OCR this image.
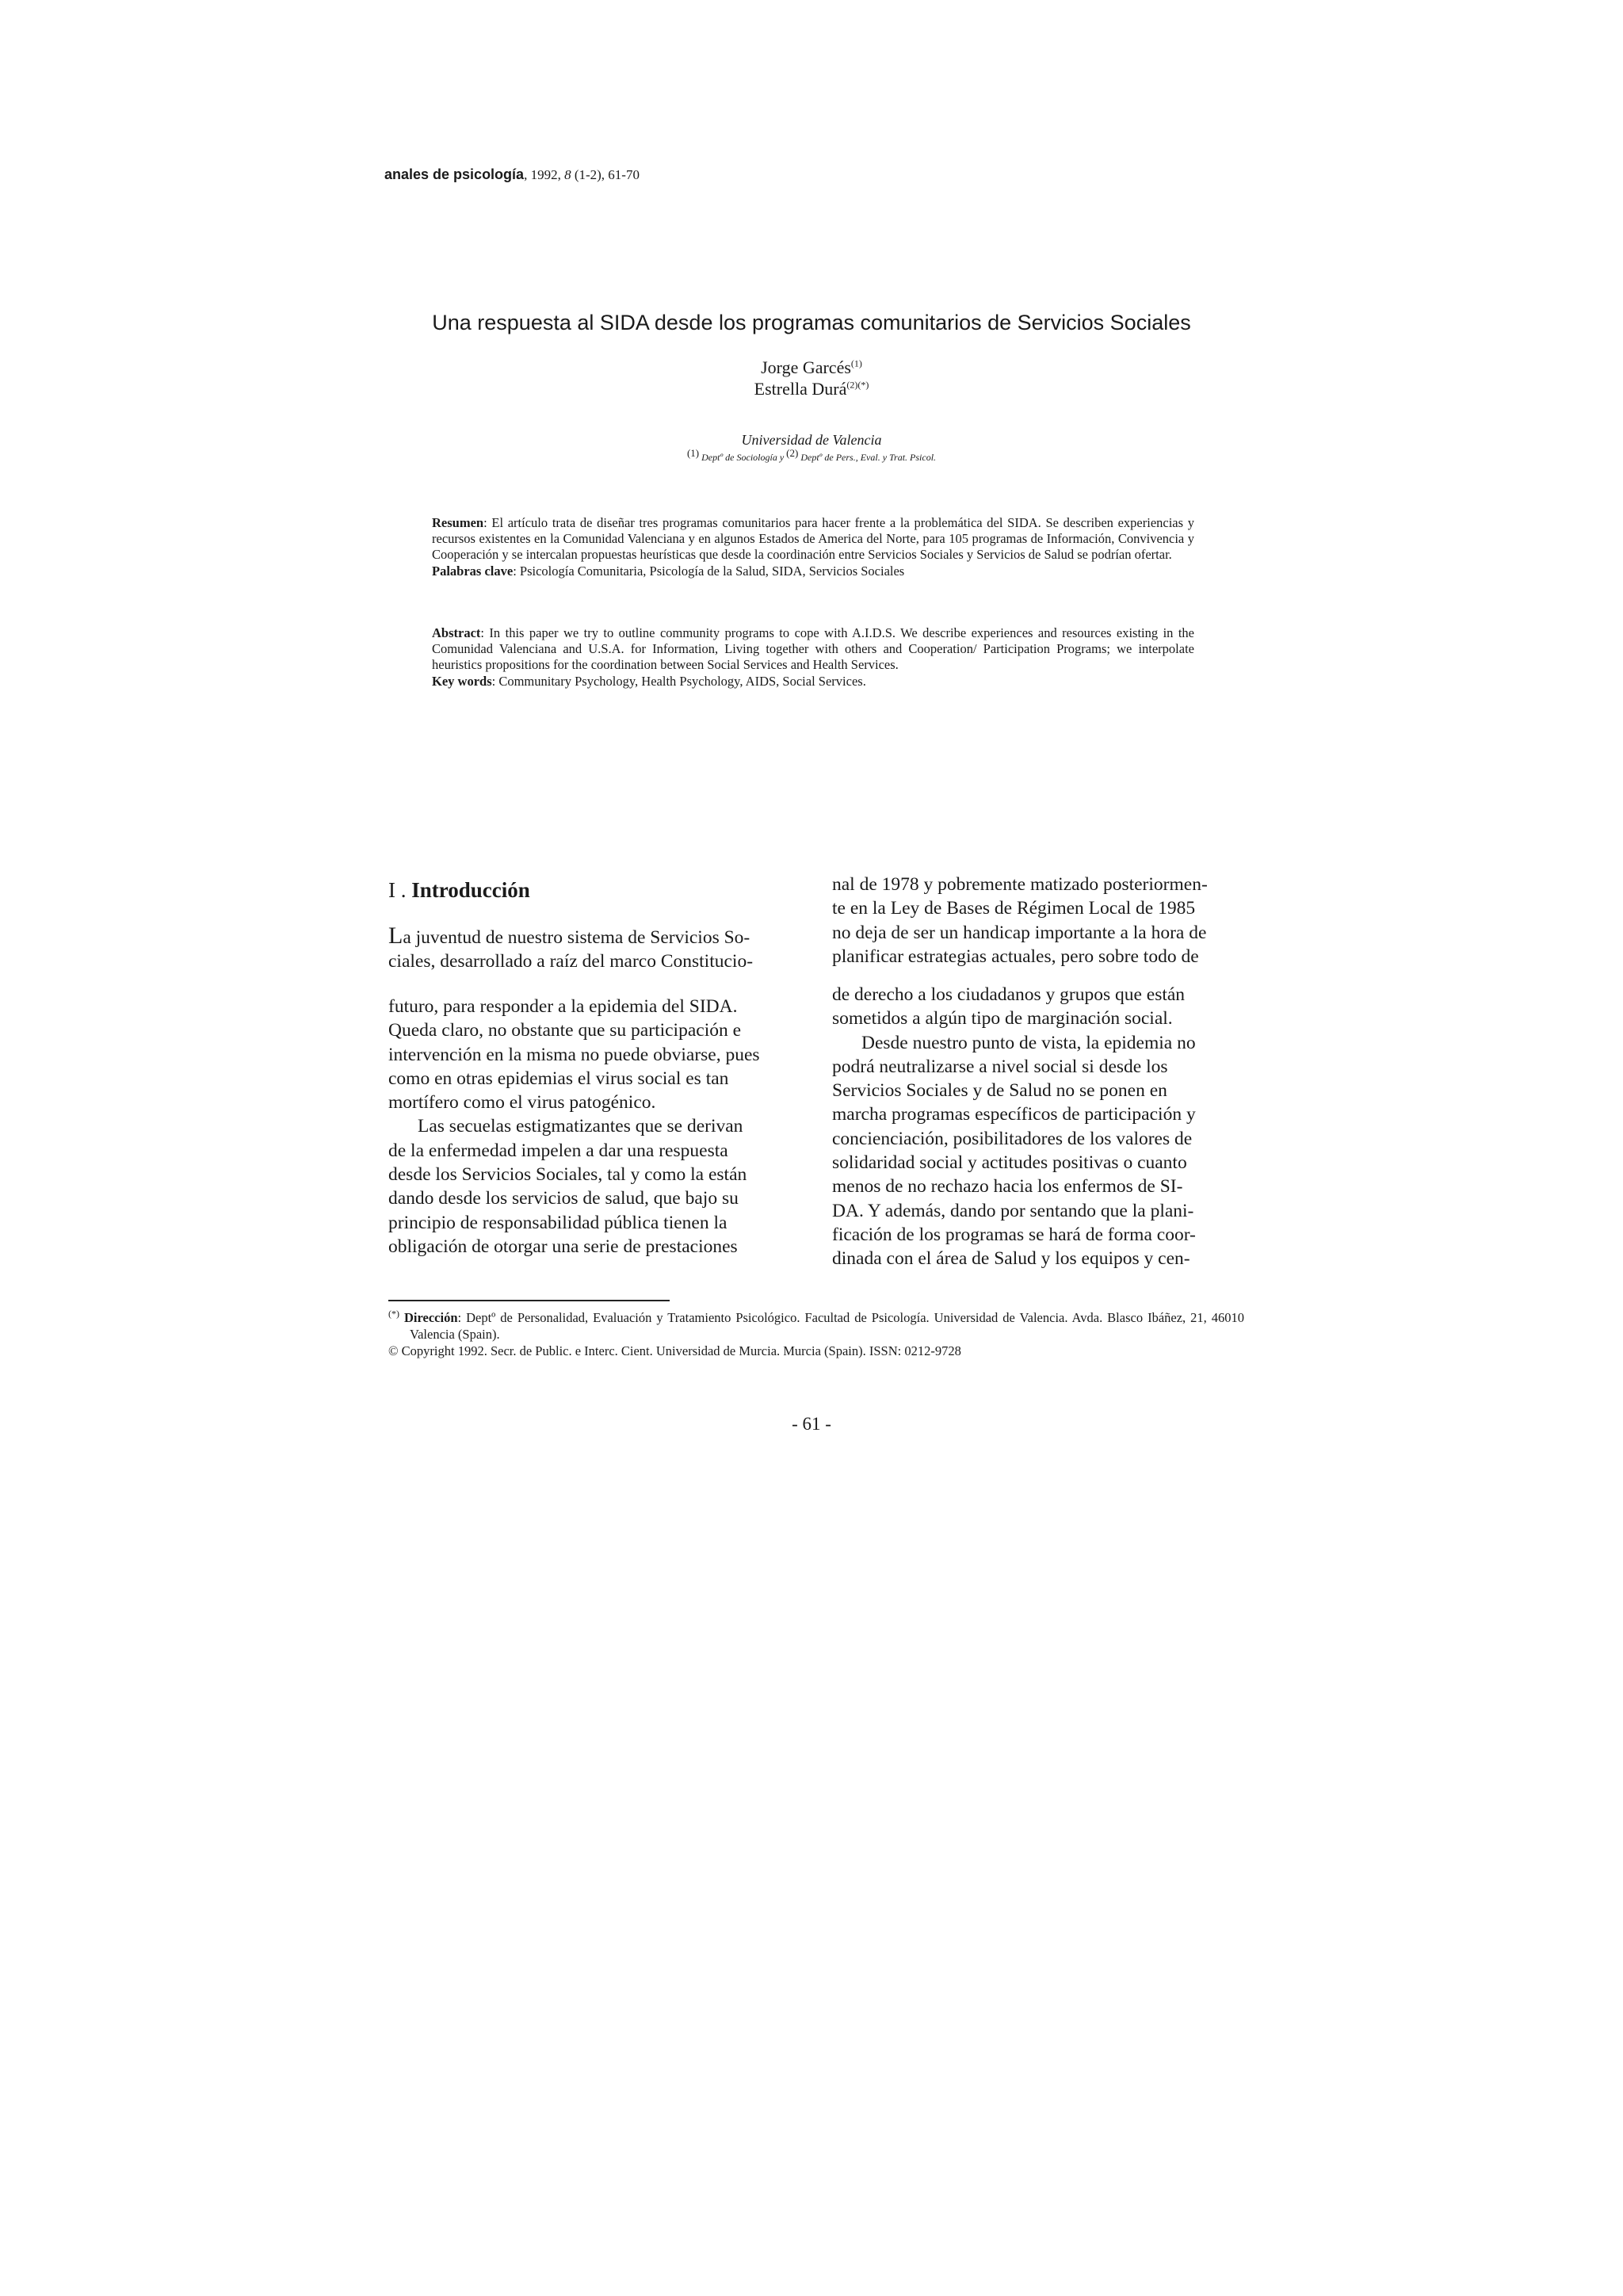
anales de psicología, 1992, 8 (1-2), 61-70
Una respuesta al SIDA desde los programas comunitarios de Servicios Sociales
Jorge Garcés$^{(1)}$
Estrella Durá$^{(2)(*)}$
Universidad de Valencia
(1) Deptº de Sociología y (2) Deptº de Pers., Eval. y Trat. Psicol.

Resumen: El artículo trata de diseñar tres programas comunitarios para hacer frente a la problemática del SIDA. Se describen experiencias y recursos existentes en la Comunidad Valenciana y en algunos Estados de America del Norte, para 105 programas de Información, Convivencia y Cooperación y se intercalan propuestas heurísticas que desde la coordinación entre Servicios Sociales y Servicios de Salud se podrían ofertar.

Palabras clave: Psicología Comunitaria, Psicología de la Salud, SIDA, Servicios Sociales

Abstract: In this paper we try to outline community programs to cope with A.I.D.S. We describe experiences and resources existing in the Comunidad Valenciana and U.S.A. for Information, Living together with others and Cooperation/ Participation Programs; we interpolate heuristics propositions for the coordination between Social Services and Health Services.

Key words: Communitary Psychology, Health Psychology, AIDS, Social Services.

I . Introducción

La juventud de nuestro sistema de Servicios So-

ciales, desarrollado a raíz del marco Constitucio-

futuro, para responder a la epidemia del SIDA.

Queda claro, no obstante que su participación e

intervención en la misma no puede obviarse, pues

como en otras epidemias el virus social es tan

mortífero como el virus patogénico.

Las secuelas estigmatizantes que se derivan

de la enfermedad impelen a dar una respuesta

desde los Servicios Sociales, tal y como la están

dando desde los servicios de salud, que bajo su

principio de responsabilidad pública tienen la

obligación de otorgar una serie de prestaciones

nal de 1978 y pobremente matizado posteriormen-

te en la Ley de Bases de Régimen Local de 1985

no deja de ser un handicap importante a la hora de

planificar estrategias actuales, pero sobre todo de

de derecho a los ciudadanos y grupos que están

sometidos a algún tipo de marginación social.

Desde nuestro punto de vista, la epidemia no

podrá neutralizarse a nivel social si desde los

Servicios Sociales y de Salud no se ponen en

marcha programas específicos de participación y

concienciación, posibilitadores de los valores de

solidaridad social y actitudes positivas o cuanto

menos de no rechazo hacia los enfermos de SI-

DA. Y además, dando por sentando que la plani-

ficación de los programas se hará de forma coor-

dinada con el área de Salud y los equipos y cen-

(*) Dirección: Deptº de Personalidad, Evaluación y Tratamiento Psicológico. Facultad de Psicología. Universidad de Valencia. Avda. Blasco Ibáñez, 21, 46010 Valencia (Spain).

© Copyright 1992. Secr. de Public. e Interc. Cient. Universidad de Murcia. Murcia (Spain). ISSN: 0212-9728

- 61 -
